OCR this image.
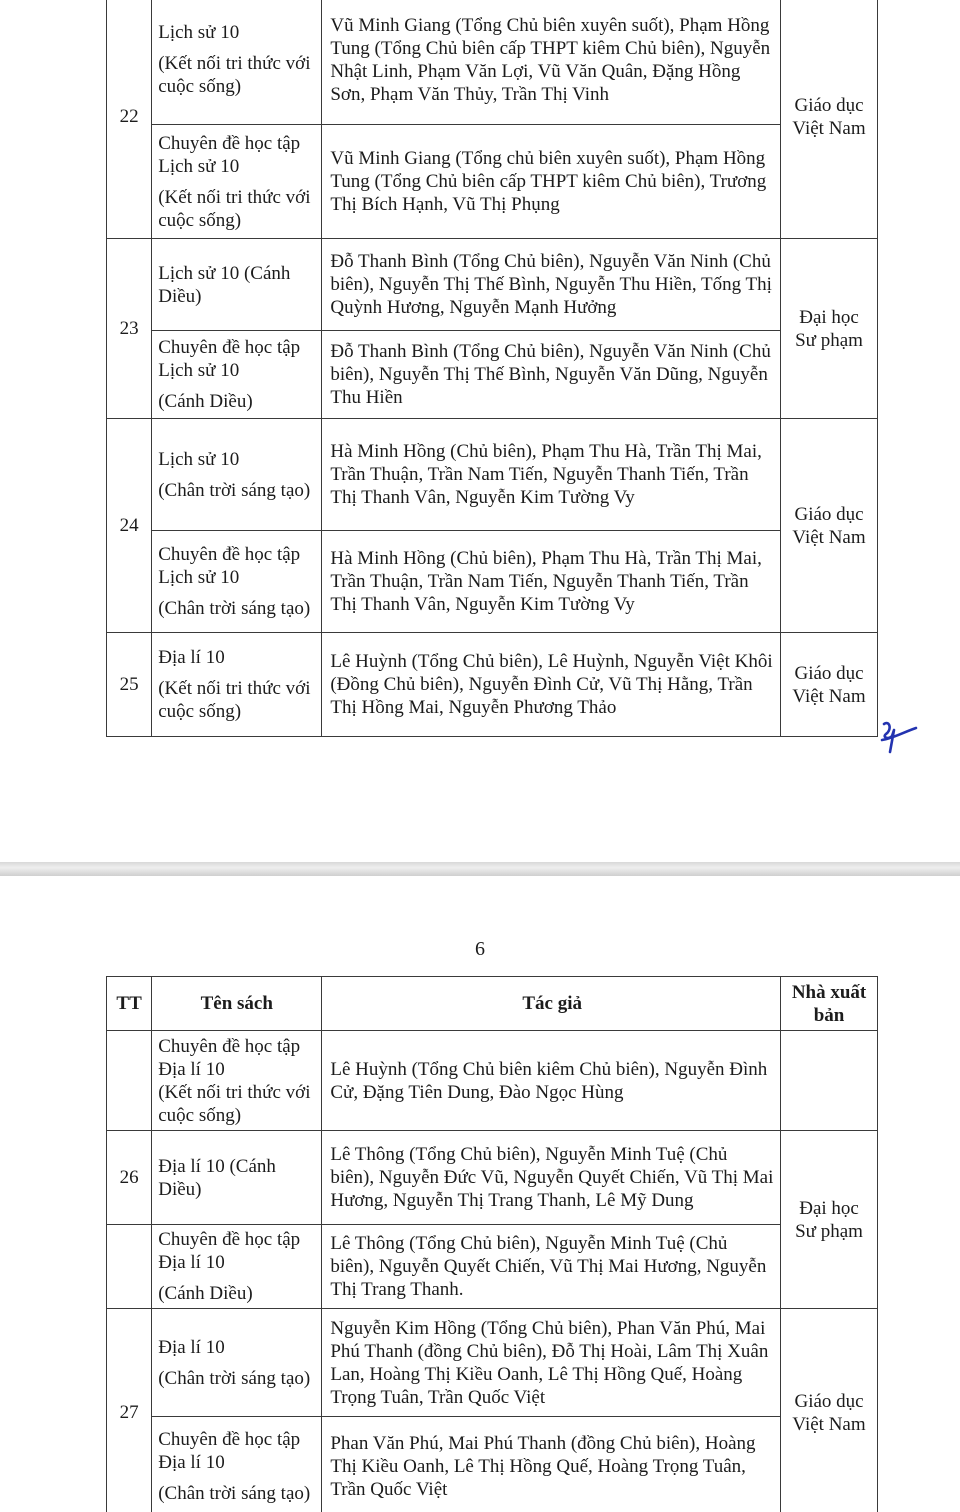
22	Lịch sử 10
(Kết nối tri thức với cuộc sống)	Vũ Minh Giang (Tổng Chủ biên xuyên suốt), Phạm Hồng Tung (Tổng Chủ biên cấp THPT kiêm Chủ biên), Nguyễn Nhật Linh, Phạm Văn Lợi, Vũ Văn Quân, Đặng Hồng Sơn, Phạm Văn Thủy, Trần Thị Vinh	Giáo dục Việt Nam

	Chuyên đề học tập Lịch sử 10
(Kết nối tri thức với cuộc sống)	Vũ Minh Giang (Tổng chủ biên xuyên suốt), Phạm Hồng Tung (Tổng Chủ biên cấp THPT kiêm Chủ biên), Trương Thị Bích Hạnh, Vũ Thị Phụng	
23	Lịch sử 10 (Cánh Diều)	Đỗ Thanh Bình (Tổng Chủ biên), Nguyễn Văn Ninh (Chủ biên), Nguyễn Thị Thế Bình, Nguyễn Thu Hiền, Tống Thị Quỳnh Hương, Nguyễn Mạnh Hưởng	Đại học Sư phạm

	Chuyên đề học tập Lịch sử 10
(Cánh Diều)	Đỗ Thanh Bình (Tổng Chủ biên), Nguyễn Văn Ninh (Chủ biên), Nguyễn Thị Thế Bình, Nguyễn Văn Dũng, Nguyễn Thu Hiền	
24	Lịch sử 10
(Chân trời sáng tạo)	Hà Minh Hồng (Chủ biên), Phạm Thu Hà, Trần Thị Mai, Trần Thuận, Trần Nam Tiến, Nguyễn Thanh Tiến, Trần Thị Thanh Vân, Nguyễn Kim Tường Vy	Giáo dục Việt Nam

	Chuyên đề học tập Lịch sử 10
(Chân trời sáng tạo)	Hà Minh Hồng (Chủ biên), Phạm Thu Hà, Trần Thị Mai, Trần Thuận, Trần Nam Tiến, Nguyễn Thanh Tiến, Trần Thị Thanh Vân, Nguyễn Kim Tường Vy	
25	Địa lí 10
(Kết nối tri thức với cuộc sống)	Lê Huỳnh (Tổng Chủ biên), Lê Huỳnh, Nguyễn Việt Khôi (Đồng Chủ biên), Nguyễn Đình Cử, Vũ Thị Hằng, Trần Thị Hồng Mai, Nguyễn Phương Thảo	Giáo dục Việt Nam
6
TT	Tên sách	Tác giả	Nhà xuất bản

	Chuyên đề học tập Địa lí 10
(Kết nối tri thức với cuộc sống)	Lê Huỳnh (Tổng Chủ biên kiêm Chủ biên), Nguyễn Đình Cử, Đặng Tiên Dung, Đào Ngọc Hùng	
26	Địa lí 10 (Cánh Diều)	Lê Thông (Tổng Chủ biên), Nguyễn Minh Tuệ (Chủ biên), Nguyễn Đức Vũ, Nguyễn Quyết Chiến, Vũ Thị Mai Hương, Nguyễn Thị Trang Thanh, Lê Mỹ Dung	Đại học Sư phạm

	Chuyên đề học tập Địa lí 10
(Cánh Diều)	Lê Thông (Tổng Chủ biên), Nguyễn Minh Tuệ (Chủ biên), Nguyễn Quyết Chiến, Vũ Thị Mai Hương, Nguyễn Thị Trang Thanh.	
27	Địa lí 10
(Chân trời sáng tạo)	Nguyễn Kim Hồng (Tổng Chủ biên), Phan Văn Phú, Mai Phú Thanh (đồng Chủ biên), Đỗ Thị Hoài, Lâm Thị Xuân Lan, Hoàng Thị Kiều Oanh, Lê Thị Hồng Quế, Hoàng Trọng Tuân, Trần Quốc Việt	Giáo dục Việt Nam

	Chuyên đề học tập Địa lí 10
(Chân trời sáng tạo)	Phan Văn Phú, Mai Phú Thanh (đồng Chủ biên), Hoàng Thị Kiều Oanh, Lê Thị Hồng Quế, Hoàng Trọng Tuân, Trần Quốc Việt	
